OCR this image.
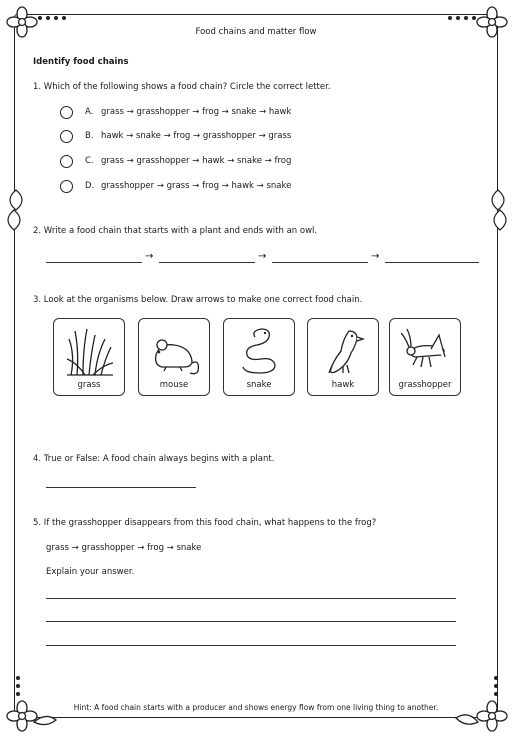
Food chains and matter flow
Identify food chains
1. Which of the following shows a food chain? Circle the correct letter.
A. grass → grasshopper → frog → snake → hawk
B. hawk → snake → frog → grasshopper → grass
C. grass → grasshopper → hawk → snake → frog
D. grasshopper → grass → frog → hawk → snake
2. Write a food chain that starts with a plant and ends with an owl.
→	→	→
3. Look at the organisms below. Draw arrows to make one correct food chain.
grass	mouse	snake	hawk	grasshopper
4. True or False: A food chain always begins with a plant.
5. If the grasshopper disappears from this food chain, what happens to the frog?
grass → grasshopper → frog → snake
Explain your answer.
Hint: A food chain starts with a producer and shows energy flow from one living thing to another.
